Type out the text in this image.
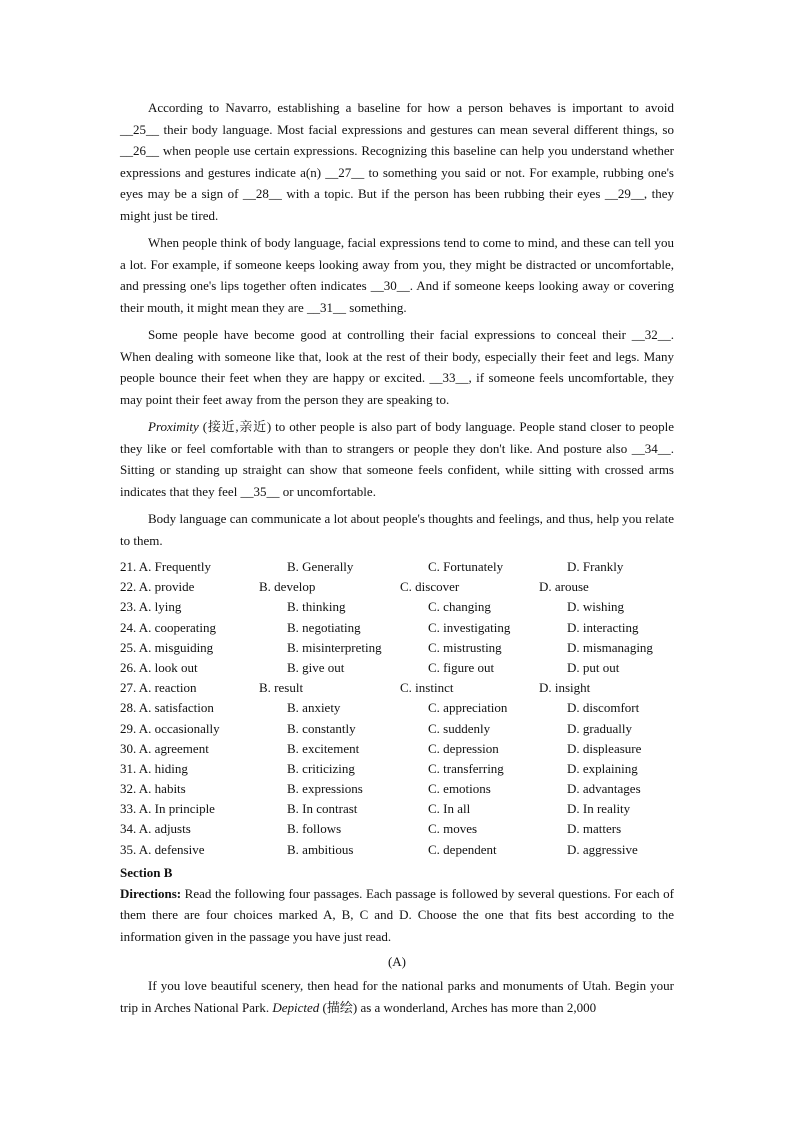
According to Navarro, establishing a baseline for how a person behaves is important to avoid __25__ their body language. Most facial expressions and gestures can mean several different things, so __26__ when people use certain expressions. Recognizing this baseline can help you understand whether expressions and gestures indicate a(n) __27__ to something you said or not. For example, rubbing one's eyes may be a sign of __28__ with a topic. But if the person has been rubbing their eyes __29__, they might just be tired.

When people think of body language, facial expressions tend to come to mind, and these can tell you a lot. For example, if someone keeps looking away from you, they might be distracted or uncomfortable, and pressing one's lips together often indicates __30__. And if someone keeps looking away or covering their mouth, it might mean they are __31__ something.

Some people have become good at controlling their facial expressions to conceal their __32__. When dealing with someone like that, look at the rest of their body, especially their feet and legs. Many people bounce their feet when they are happy or excited. __33__, if someone feels uncomfortable, they may point their feet away from the person they are speaking to.

Proximity (接近,亲近) to other people is also part of body language. People stand closer to people they like or feel comfortable with than to strangers or people they don't like. And posture also __34__. Sitting or standing up straight can show that someone feels confident, while sitting with crossed arms indicates that they feel __35__ or uncomfortable.

Body language can communicate a lot about people's thoughts and feelings, and thus, help you relate to them.

21. A. Frequently	B. Generally	C. Fortunately	D. Frankly
22. A. provide	B. develop	C. discover	D. arouse
23. A. lying	B. thinking	C. changing	D. wishing
24. A. cooperating	B. negotiating	C. investigating	D. interacting
25. A. misguiding	B. misinterpreting	C. mistrusting	D. mismanaging
26. A. look out	B. give out	C. figure out	D. put out
27. A. reaction	B. result	C. instinct	D. insight
28. A. satisfaction	B. anxiety	C. appreciation	D. discomfort
29. A. occasionally	B. constantly	C. suddenly	D. gradually
30. A. agreement	B. excitement	C. depression	D. displeasure
31. A. hiding	B. criticizing	C. transferring	D. explaining
32. A. habits	B. expressions	C. emotions	D. advantages
33. A. In principle	B. In contrast	C. In all	D. In reality
34. A. adjusts	B. follows	C. moves	D. matters
35. A. defensive	B. ambitious	C. dependent	D. aggressive
Section B

Directions: Read the following four passages. Each passage is followed by several questions. For each of them there are four choices marked A, B, C and D. Choose the one that fits best according to the information given in the passage you have just read.

(A)

If you love beautiful scenery, then head for the national parks and monuments of Utah. Begin your trip in Arches National Park. Depicted (描绘) as a wonderland, Arches has more than 2,000
